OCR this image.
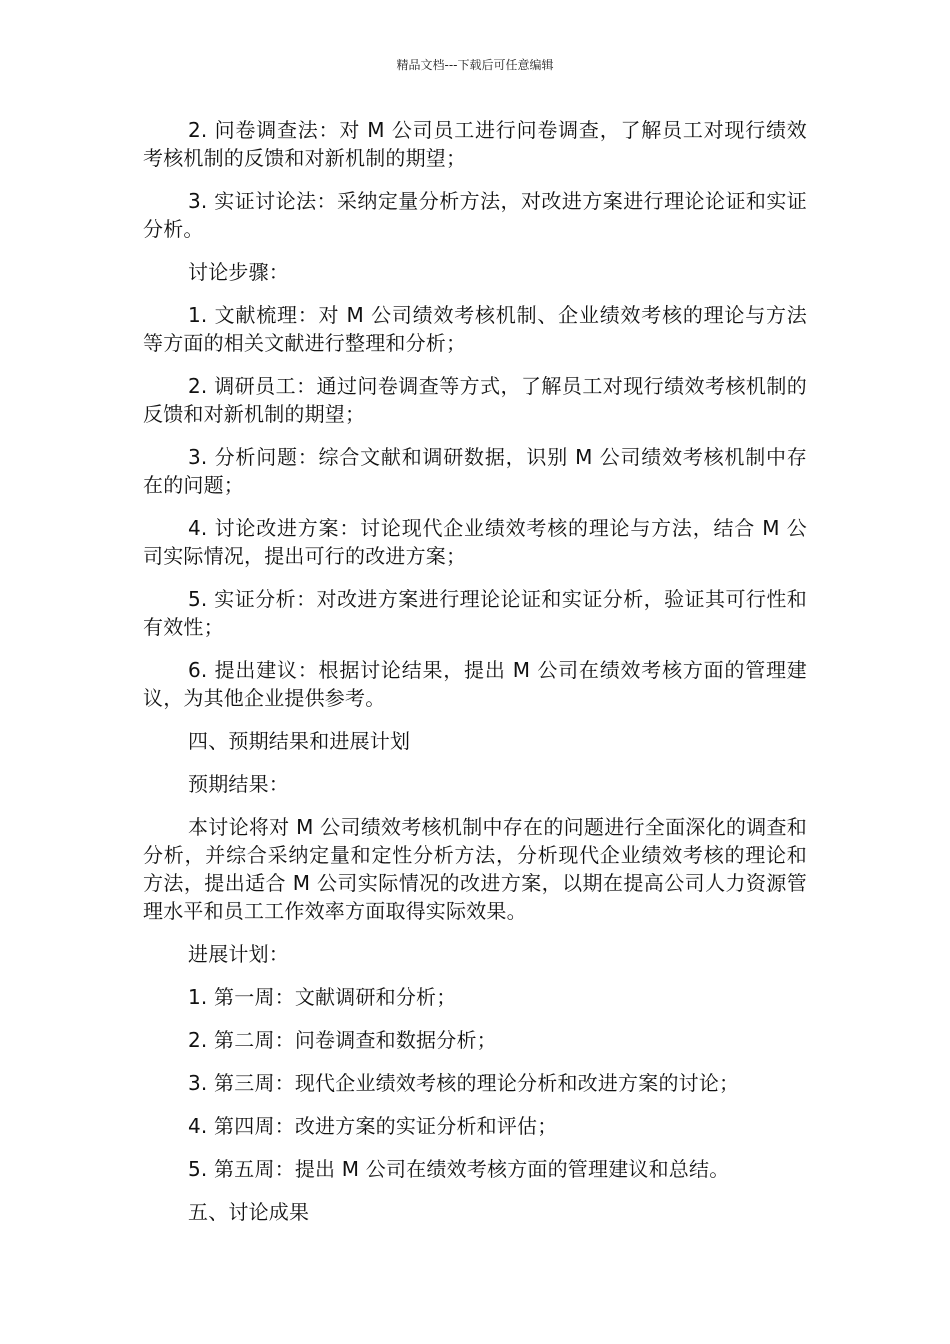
精品文档---下载后可任意编辑

2. 问卷调查法：对 M 公司员工进行问卷调查，了解员工对现行绩效考核机制的反馈和对新机制的期望；

3. 实证讨论法：采纳定量分析方法，对改进方案进行理论论证和实证分析。

讨论步骤：

1. 文献梳理：对 M 公司绩效考核机制、企业绩效考核的理论与方法等方面的相关文献进行整理和分析；

2. 调研员工：通过问卷调查等方式，了解员工对现行绩效考核机制的反馈和对新机制的期望；

3. 分析问题：综合文献和调研数据，识别 M 公司绩效考核机制中存在的问题；

4. 讨论改进方案：讨论现代企业绩效考核的理论与方法，结合 M 公司实际情况，提出可行的改进方案；

5. 实证分析：对改进方案进行理论论证和实证分析，验证其可行性和有效性；

6. 提出建议：根据讨论结果，提出 M 公司在绩效考核方面的管理建议，为其他企业提供参考。

四、预期结果和进展计划

预期结果：

本讨论将对 M 公司绩效考核机制中存在的问题进行全面深化的调查和分析，并综合采纳定量和定性分析方法，分析现代企业绩效考核的理论和方法，提出适合 M 公司实际情况的改进方案，以期在提高公司人力资源管理水平和员工工作效率方面取得实际效果。

进展计划：

1. 第一周：文献调研和分析；

2. 第二周：问卷调查和数据分析；

3. 第三周：现代企业绩效考核的理论分析和改进方案的讨论；

4. 第四周：改进方案的实证分析和评估；

5. 第五周：提出 M 公司在绩效考核方面的管理建议和总结。

五、讨论成果
